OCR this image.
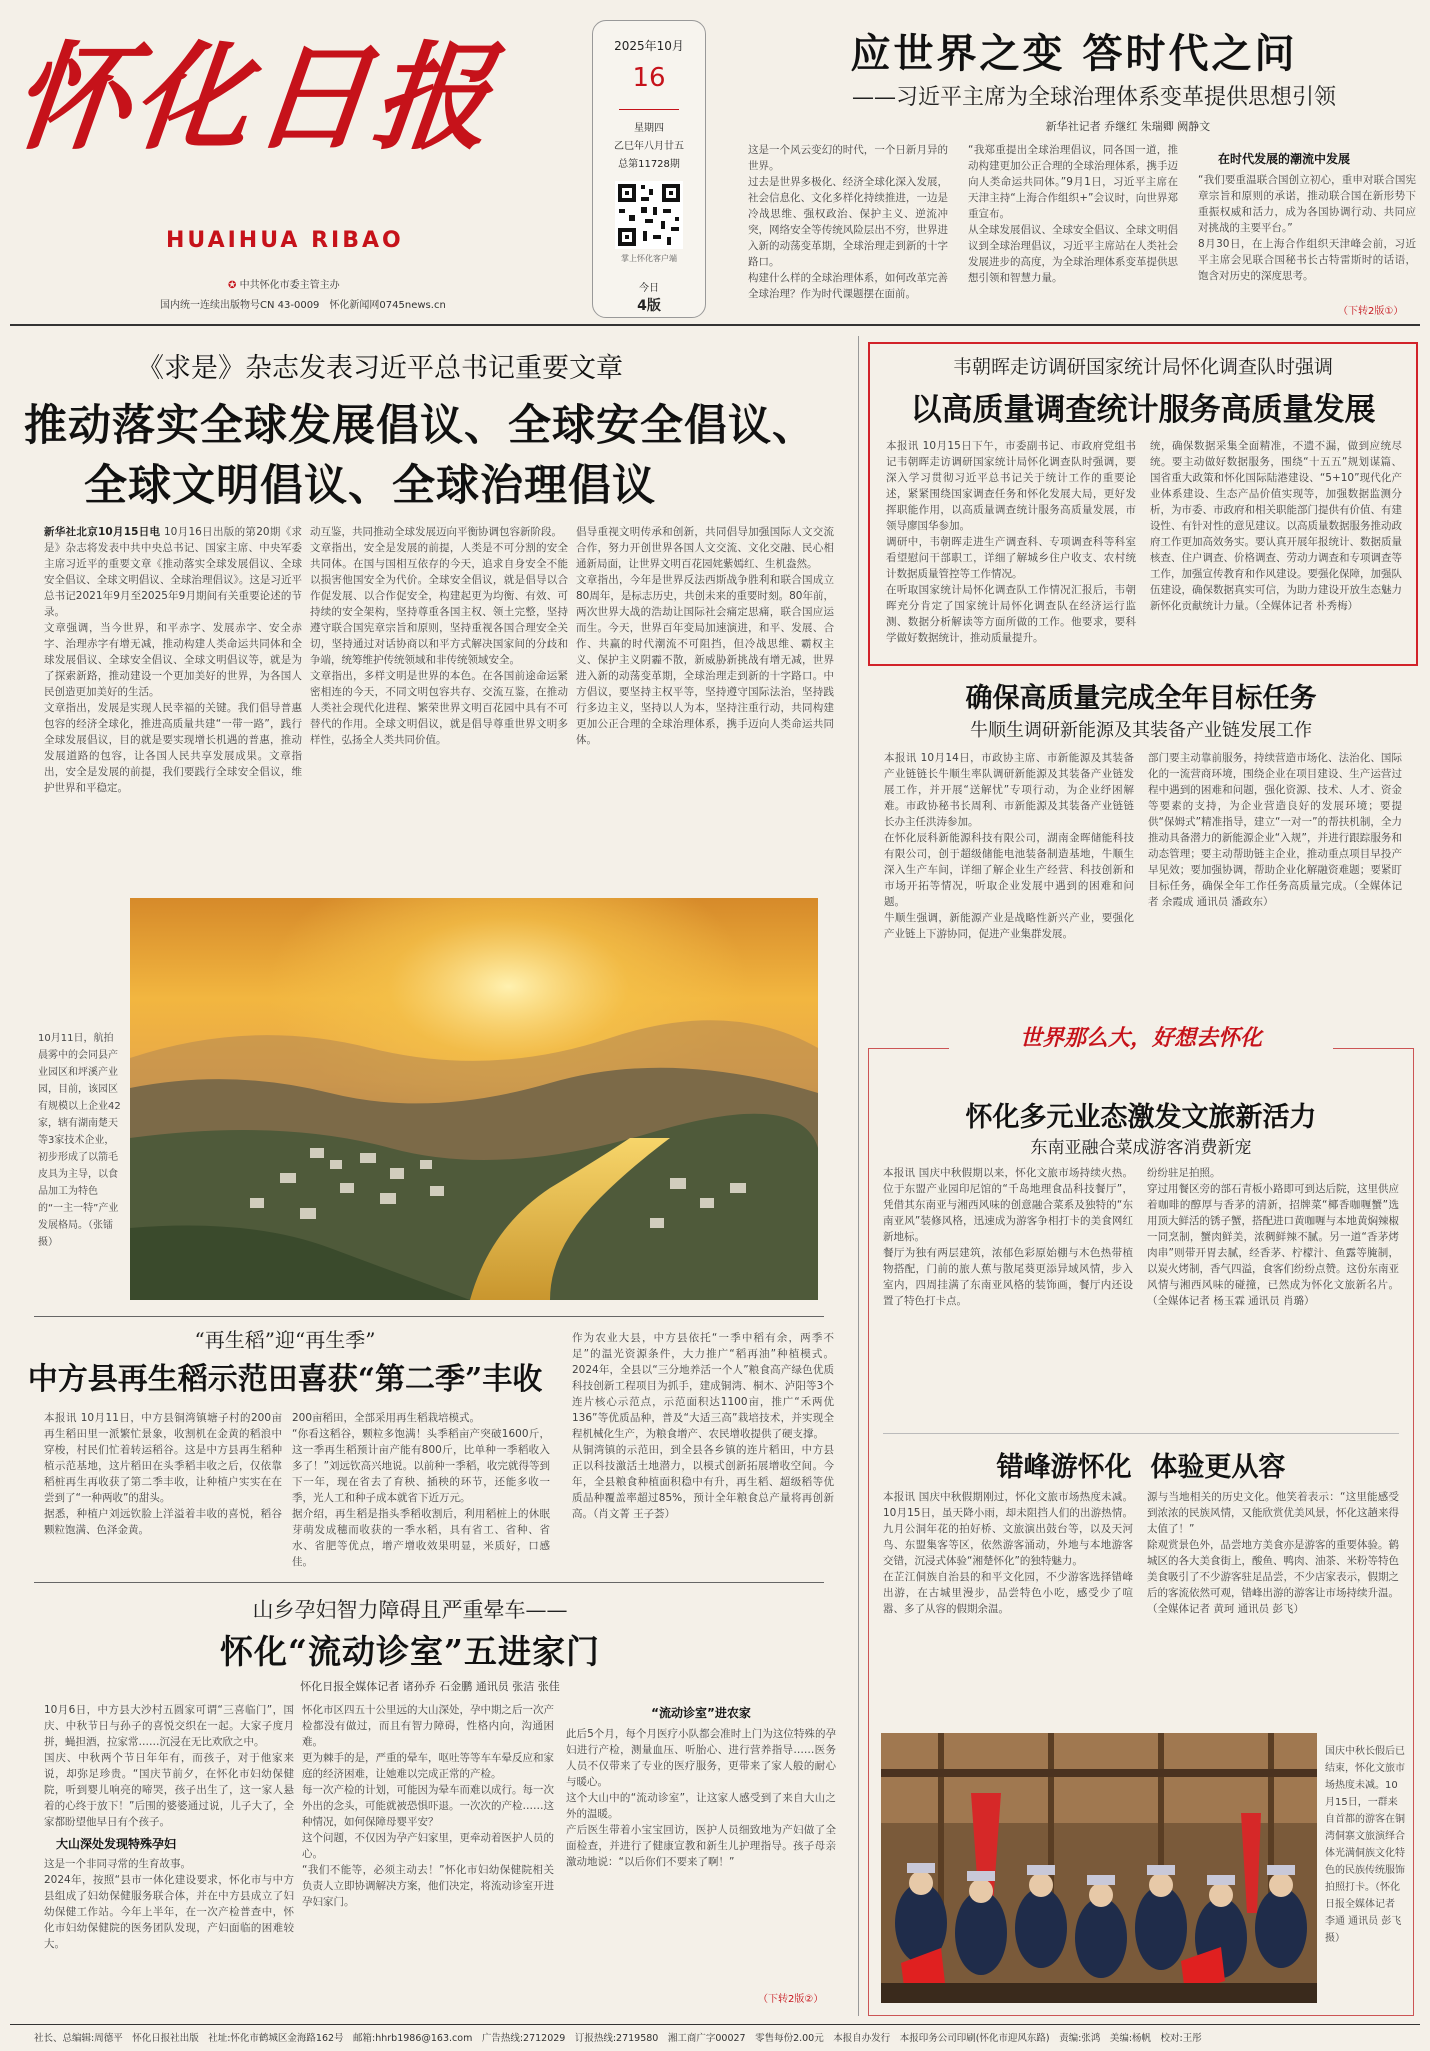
怀化日报
HUAIHUA RIBAO
✪ 中共怀化市委主管主办
国内统一连续出版物号CN 43-0009　 怀化新闻网0745news.cn
2025年10月
16
星期四
乙巳年八月廿五
总第11728期
掌上怀化客户端
今日
4版
应世界之变 答时代之问
——习近平主席为全球治理体系变革提供思想引领
新华社记者 乔继红 朱瑞卿 阙静文
这是一个风云变幻的时代，一个日新月异的世界。
过去是世界多极化、经济全球化深入发展，社会信息化、文化多样化持续推进，一边是冷战思维、强权政治、保护主义、逆流冲突，网络安全等传统风险层出不穷，世界进入新的动荡变革期，全球治理走到新的十字路口。
构建什么样的全球治理体系，如何改革完善全球治理？作为时代课题摆在面前。
“我郑重提出全球治理倡议，同各国一道，推动构建更加公正合理的全球治理体系，携手迈向人类命运共同体。”9月1日，习近平主席在天津主持“上海合作组织+”会议时，向世界郑重宣布。
从全球发展倡议、全球安全倡议、全球文明倡议到全球治理倡议，习近平主席站在人类社会发展进步的高度，为全球治理体系变革提供思想引领和智慧力量。
在时代发展的潮流中发展
“我们要重温联合国创立初心，重申对联合国宪章宗旨和原则的承诺，推动联合国在新形势下重振权威和活力，成为各国协调行动、共同应对挑战的主要平台。”
8月30日，在上海合作组织天津峰会前，习近平主席会见联合国秘书长古特雷斯时的话语，饱含对历史的深度思考。
（下转2版①）
《求是》杂志发表习近平总书记重要文章
推动落实全球发展倡议、全球安全倡议、
全球文明倡议、全球治理倡议
新华社北京10月15日电 10月16日出版的第20期《求是》杂志将发表中共中央总书记、国家主席、中央军委主席习近平的重要文章《推动落实全球发展倡议、全球安全倡议、全球文明倡议、全球治理倡议》。这是习近平总书记2021年9月至2025年9月期间有关重要论述的节录。
文章强调，当今世界，和平赤字、发展赤字、安全赤字、治理赤字有增无减，推动构建人类命运共同体和全球发展倡议、全球安全倡议、全球文明倡议等，就是为了探索新路，推动建设一个更加美好的世界，为各国人民创造更加美好的生活。
文章指出，发展是实现人民幸福的关键。我们倡导普惠包容的经济全球化，推进高质量共建“一带一路”，践行全球发展倡议，目的就是要实现增长机遇的普惠，推动发展道路的包容，让各国人民共享发展成果。文章指出，安全是发展的前提，我们要践行全球安全倡议，维护世界和平稳定。
动互鉴，共同推动全球发展迈向平衡协调包容新阶段。
文章指出，安全是发展的前提，人类是不可分割的安全共同体。在国与国相互依存的今天，追求自身安全不能以损害他国安全为代价。全球安全倡议，就是倡导以合作促发展、以合作促安全，构建起更为均衡、有效、可持续的安全架构，坚持尊重各国主权、领土完整，坚持遵守联合国宪章宗旨和原则，坚持重视各国合理安全关切，坚持通过对话协商以和平方式解决国家间的分歧和争端，统筹维护传统领域和非传统领域安全。
文章指出，多样文明是世界的本色。在各国前途命运紧密相连的今天，不同文明包容共存、交流互鉴，在推动人类社会现代化进程、繁荣世界文明百花园中具有不可替代的作用。全球文明倡议，就是倡导尊重世界文明多样性，弘扬全人类共同价值。
倡导重视文明传承和创新，共同倡导加强国际人文交流合作，努力开创世界各国人文交流、文化交融、民心相通新局面，让世界文明百花园姹紫嫣红、生机盎然。
文章指出，今年是世界反法西斯战争胜利和联合国成立80周年，是标志历史，共创未来的重要时刻。80年前，两次世界大战的浩劫让国际社会痛定思痛，联合国应运而生。今天，世界百年变局加速演进，和平、发展、合作、共赢的时代潮流不可阻挡，但冷战思维、霸权主义、保护主义阴霾不散，新威胁新挑战有增无减，世界进入新的动荡变革期，全球治理走到新的十字路口。中方倡议，要坚持主权平等，坚持遵守国际法治，坚持践行多边主义，坚持以人为本，坚持注重行动，共同构建更加公正合理的全球治理体系，携手迈向人类命运共同体。
10月11日，航拍晨雾中的会同县产业园区和坪溪产业园，目前，该园区有规模以上企业42家，辖有湖南楚天等3家技术企业，初步形成了以箭毛皮具为主导，以食品加工为特色的“一主一特”产业发展格局。（张镭 摄）
“再生稻”迎“再生季”
中方县再生稻示范田喜获“第二季”丰收
本报讯 10月11日，中方县铜湾镇塘子村的200亩再生稻田里一派繁忙景象，收割机在金黄的稻浪中穿梭，村民们忙着转运稻谷。这是中方县再生稻种植示范基地，这片稻田在头季稻丰收之后，仅依靠稻桩再生再收获了第二季丰收，让种植户实实在在尝到了“一种两收”的甜头。
据悉，种植户刘远钦脸上洋溢着丰收的喜悦，稻谷颗粒饱满、色泽金黄。
200亩稻田，全部采用再生稻栽培模式。
“你看这稻谷，颗粒多饱满！头季稻亩产突破1600斤，这一季再生稻预计亩产能有800斤，比单种一季稻收入多了！”刘远钦高兴地说。以前种一季稻，收完就得等到下一年，现在省去了育秧、插秧的环节，还能多收一季，光人工和种子成本就省下近万元。
据介绍，再生稻是指头季稻收割后，利用稻桩上的休眠芽萌发成穗而收获的一季水稻，具有省工、省种、省水、省肥等优点，增产增收效果明显，米质好，口感佳。
作为农业大县，中方县依托“一季中稻有余，两季不足”的温光资源条件，大力推广“稻再油”种植模式。2024年，全县以“三分地养活一个人”粮食高产绿色优质科技创新工程项目为抓手，建成铜湾、桐木、泸阳等3个连片核心示范点，示范面积达1100亩，推广“禾两优136”等优质品种，普及“大适三高”栽培技术，并实现全程机械化生产，为粮食增产、农民增收提供了硬支撑。
从铜湾镇的示范田，到全县各乡镇的连片稻田，中方县正以科技激活土地潜力，以模式创新拓展增收空间。今年，全县粮食种植面积稳中有升，再生稻、超级稻等优质品种覆盖率超过85%，预计全年粮食总产量将再创新高。（肖文菁 王子荟）
山乡孕妇智力障碍且严重晕车——
怀化“流动诊室”五进家门
怀化日报全媒体记者 诸孙乔 石金鹏 通讯员 张洁 张佳
10月6日，中方县大沙村五圆家可谓“三喜临门”，国庆、中秋节日与孙子的喜悦交织在一起。大家子度月拼，蝇担酒，拉家常……沉浸在无比欢欣之中。
国庆、中秋两个节日年年有，而孩子，对于他家来说，却弥足珍贵。“国庆节前夕，在怀化市妇幼保健院，听到婴儿响亮的啼哭，孩子出生了，这一家人悬着的心终于放下！”后围的婆婆通过说，儿子大了，全家都盼望他早日有个孩子。
大山深处发现特殊孕妇
这是一个非同寻常的生育故事。
2024年，按照“县市一体化建设要求，怀化市与中方县组成了妇幼保健服务联合体，并在中方县成立了妇幼保健工作站。今年上半年，在一次产检普查中，怀化市妇幼保健院的医务团队发现，产妇面临的困难较大。
怀化市区四五十公里远的大山深处，孕中期之后一次产检都没有做过，而且有智力障碍，性格内向，沟通困难。
更为棘手的是，严重的晕车，呕吐等等车车晕反应和家庭的经济困难，让她难以完成正常的产检。
每一次产检的计划，可能因为晕车而难以成行。每一次外出的念头，可能就被恐惧吓退。一次次的产检……这种情况，如何保障母婴平安？
这个问题，不仅因为孕产妇家里，更牵动着医护人员的心。
“我们不能等，必须主动去！”怀化市妇幼保健院相关负责人立即协调解决方案，他们决定，将流动诊室开进孕妇家门。
“流动诊室”进农家
此后5个月，每个月医疗小队都会准时上门为这位特殊的孕妇进行产检，测量血压、听胎心、进行营养指导……医务人员不仅带来了专业的医疗服务，更带来了家人般的耐心与暖心。
这个大山中的“流动诊室”，让这家人感受到了来自大山之外的温暖。
产后医生带着小宝宝回访，医护人员细致地为产妇做了全面检查，并进行了健康宣教和新生儿护理指导。孩子母亲激动地说：“以后你们不要来了啊！”
（下转2版②）
韦朝晖走访调研国家统计局怀化调查队时强调
以高质量调查统计服务高质量发展
本报讯 10月15日下午，市委副书记、市政府党组书记韦朝晖走访调研国家统计局怀化调查队时强调，要深入学习贯彻习近平总书记关于统计工作的重要论述，紧紧围绕国家调查任务和怀化发展大局，更好发挥职能作用，以高质量调查统计服务高质量发展，市领导廖国华参加。
调研中，韦朝晖走进生产调查科、专项调查科等科室看望慰问干部职工，详细了解城乡住户收支、农村统计数据质量管控等工作情况。
在听取国家统计局怀化调查队工作情况汇报后，韦朝晖充分肯定了国家统计局怀化调查队在经济运行监测、数据分析解读等方面所做的工作。他要求，要科学做好数据统计，推动质量提升。
统，确保数据采集全面精准，不遗不漏，做到应统尽统。要主动做好数据服务，围绕“十五五”规划谋篇、国省重大政策和怀化国际陆港建设、“5+10”现代化产业体系建设、生态产品价值实现等，加强数据监测分析，为市委、市政府和相关职能部门提供有价值、有建设性、有针对性的意见建议。以高质量数据服务推动政府工作更加高效务实。要认真开展年报统计、数据质量核查、住户调查、价格调查、劳动力调查和专项调查等工作，加强宣传教育和作风建设。要强化保障，加强队伍建设，确保数据真实可信，为助力建设开放生态魅力新怀化贡献统计力量。（全媒体记者 朴秀梅）
确保高质量完成全年目标任务
牛顺生调研新能源及其装备产业链发展工作
本报讯 10月14日，市政协主席、市新能源及其装备产业链链长牛顺生率队调研新能源及其装备产业链发展工作，并开展“送解忧”专项行动，为企业纾困解难。市政协秘书长周利、市新能源及其装备产业链链长办主任洪涛参加。
在怀化辰科新能源科技有限公司，湖南金晖储能科技有限公司，创于超级储能电池装备制造基地，牛顺生深入生产车间，详细了解企业生产经营、科技创新和市场开拓等情况，听取企业发展中遇到的困难和问题。
牛顺生强调，新能源产业是战略性新兴产业，要强化产业链上下游协同，促进产业集群发展。
部门要主动靠前服务，持续营造市场化、法治化、国际化的一流营商环境，围绕企业在项目建设、生产运营过程中遇到的困难和问题，强化资源、技术、人才、资金等要素的支持，为企业营造良好的发展环境；要提供“保姆式”精准指导，建立“一对一”的帮扶机制，全力推动具备潜力的新能源企业“入规”，并进行跟踪服务和动态管理；要主动帮助链主企业，推动重点项目早投产早见效；要加强协调，帮助企业化解融资难题；要紧盯目标任务，确保全年工作任务高质量完成。（全媒体记者 余霞成 通讯员 潘政东）
世界那么大，好想去怀化
怀化多元业态激发文旅新活力
东南亚融合菜成游客消费新宠
本报讯 国庆中秋假期以来，怀化文旅市场持续火热。位于东盟产业园印尼馆的“千岛地理食品科技餐厅”，凭借其东南亚与湘西风味的创意融合菜系及独特的“东南亚风”装修风格，迅速成为游客争相打卡的美食网红新地标。
餐厅为独有两层建筑，浓郁色彩原始棚与木色热带植物搭配，门前的旅人蕉与散尾葵更添异域风情，步入室内，四周挂满了东南亚风格的装饰画，餐厅内还设置了特色打卡点。
纷纷驻足拍照。
穿过用餐区旁的部石青板小路即可到达后院，这里供应着咖啡的醇厚与香茅的清新，招牌菜“椰香咖喱蟹”选用顶大鲜活的锈子蟹，搭配进口黄咖喱与本地黄焖辣椒一同烹制，蟹肉鲜美，浓稠鲜辣不腻。另一道“香茅烤肉串”则带开胃去腻，经香茅、柠檬汁、鱼露等腌制，以炭火烤制，香气四溢，食客们纷纷点赞。这份东南亚风情与湘西风味的碰撞，已然成为怀化文旅新名片。（全媒体记者 杨玉霖 通讯员 肖璐）
错峰游怀化  体验更从容
本报讯 国庆中秋假期刚过，怀化文旅市场热度未减。10月15日，虽天降小雨，却未阻挡人们的出游热情。九月公洞年花的拍好桥、文旅演出鼓台等，以及天河鸟、东盟集客等区，依然游客涌动，外地与本地游客交错，沉浸式体验“湘楚怀化”的独特魅力。
在芷江侗族自治县的和平文化园，不少游客选择错峰出游，在古城里漫步，品尝特色小吃，感受少了喧嚣、多了从容的假期余温。
源与当地相关的历史文化。他笑着表示：“这里能感受到浓浓的民族风情，又能欣赏优美风景，怀化这趟来得太值了！”
除观赏景色外，品尝地方美食亦是游客的重要体验。鹤城区的各大美食街上，酸鱼、鸭肉、油茶、米粉等特色美食吸引了不少游客驻足品尝，不少店家表示，假期之后的客流依然可观，错峰出游的游客让市场持续升温。（全媒体记者 黄珂 通讯员 彭飞）
国庆中秋长假后已结束，怀化文旅市场热度未减。10月15日，一群来自首都的游客在铜湾侗寨文旅演绎合体光满侗族文化特色的民族传统服饰拍照打卡。（怀化日报全媒体记者 李通 通讯员 彭飞 摄）
社长、总编辑:周德平　怀化日报社出版　社址:怀化市鹤城区金海路162号　邮箱:hhrb1986@163.com　广告热线:2712029　订报热线:2719580　湘工商广字00027　零售每份2.00元　本报自办发行　本报印务公司印刷(怀化市迎风东路)　责编:张鸿　美编:杨帆　校对:王彤
